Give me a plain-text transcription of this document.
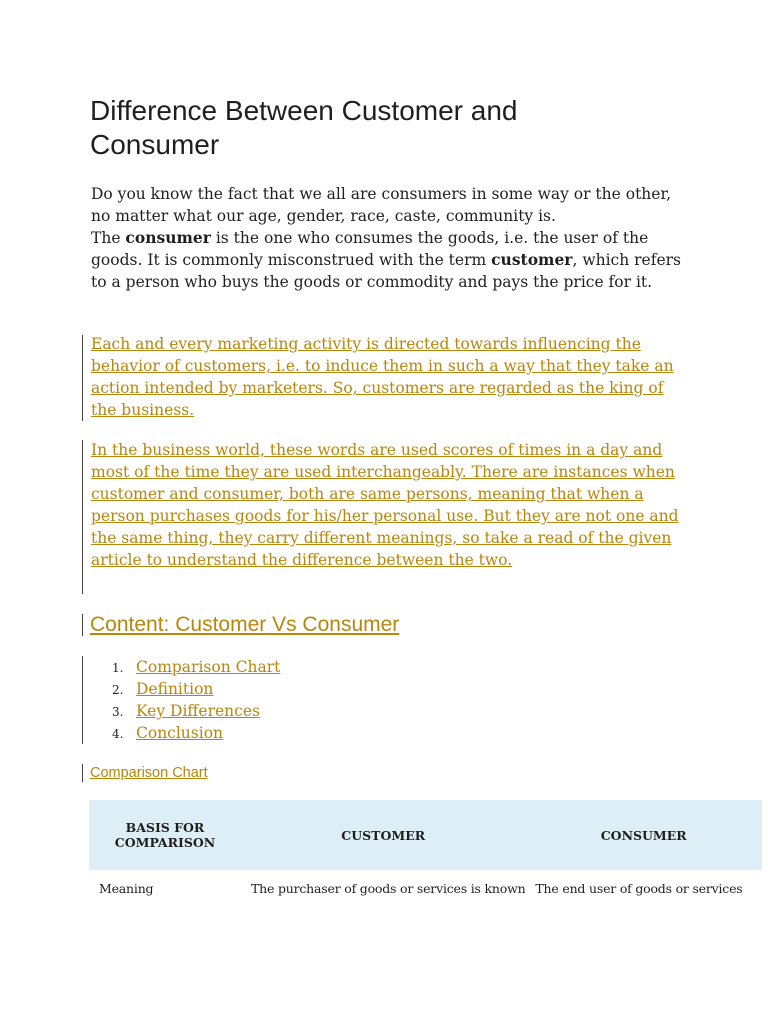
Difference Between Customer and Consumer

Do you know the fact that we all are consumers in some way or the other, no matter what our age, gender, race, caste, community is.

The consumer is the one who consumes the goods, i.e. the user of the goods. It is commonly misconstrued with the term customer, which refers to a person who buys the goods or commodity and pays the price for it.

Each and every marketing activity is directed towards influencing the behavior of customers, i.e. to induce them in such a way that they take an action intended by marketers. So, customers are regarded as the king of the business.
In the business world, these words are used scores of times in a day and most of the time they are used interchangeably. There are instances when customer and consumer, both are same persons, meaning that when a person purchases goods for his/her personal use. But they are not one and the same thing, they carry different meanings, so take a read of the given article to understand the difference between the two.
Content: Customer Vs Consumer
1. Comparison Chart
2. Definition
3. Key Differences
4. Conclusion
Comparison Chart
BASIS FOR COMPARISON	CUSTOMER	CONSUMER
Meaning	The purchaser of goods or services is known	The end user of goods or services
